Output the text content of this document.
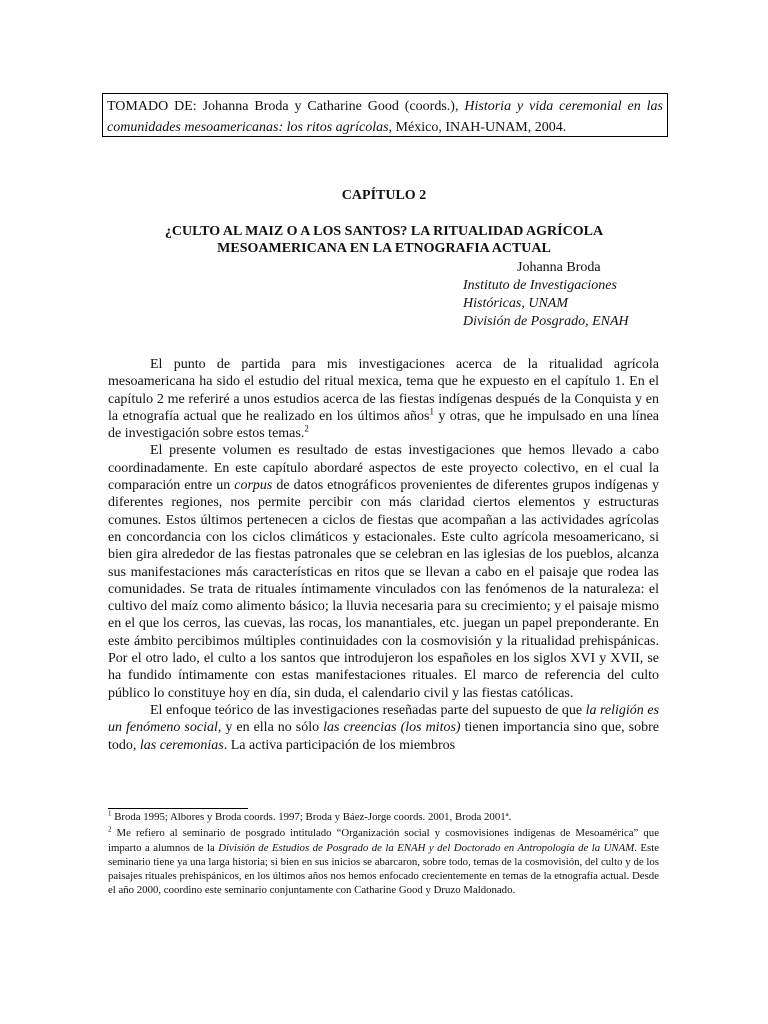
TOMADO DE: Johanna Broda y Catharine Good (coords.), Historia y vida ceremonial en las comunidades mesoamericanas: los ritos agrícolas, México, INAH-UNAM, 2004.
CAPÍTULO 2
¿CULTO AL MAIZ O A LOS SANTOS? LA RITUALIDAD AGRÍCOLA
MESOAMERICANA EN LA ETNOGRAFIA ACTUAL
Johanna Broda
Instituto de Investigaciones
Históricas, UNAM
División de Posgrado, ENAH

El punto de partida para mis investigaciones acerca de la ritualidad agrícola mesoamericana ha sido el estudio del ritual mexica, tema que he expuesto en el capítulo 1. En el capítulo 2 me referiré a unos estudios acerca de las fiestas indígenas después de la Conquista y en la etnografía actual que he realizado en los últimos años$^1$ y otras, que he impulsado en una línea de investigación sobre estos temas.$^2$

El presente volumen es resultado de estas investigaciones que hemos llevado a cabo coordinadamente. En este capítulo abordaré aspectos de este proyecto colectivo, en el cual la comparación entre un corpus de datos etnográficos provenientes de diferentes grupos indígenas y diferentes regiones, nos permite percibir con más claridad ciertos elementos y estructuras comunes. Estos últimos pertenecen a ciclos de fiestas que acompañan a las actividades agrícolas en concordancia con los ciclos climáticos y estacionales. Este culto agrícola mesoamericano, si bien gira alrededor de las fiestas patronales que se celebran en las iglesias de los pueblos, alcanza sus manifestaciones más características en ritos que se llevan a cabo en el paisaje que rodea las comunidades. Se trata de rituales íntimamente vinculados con las fenómenos de la naturaleza: el cultivo del maíz como alimento básico; la lluvia necesaria para su crecimiento; y el paisaje mismo en el que los cerros, las cuevas, las rocas, los manantiales, etc. juegan un papel preponderante. En este ámbito percibimos múltiples continuidades con la cosmovisión y la ritualidad prehispánicas. Por el otro lado, el culto a los santos que introdujeron los españoles en los siglos XVI y XVII, se ha fundido íntimamente con estas manifestaciones rituales. El marco de referencia del culto público lo constituye hoy en día, sin duda, el calendario civil y las fiestas católicas.

El enfoque teórico de las investigaciones reseñadas parte del supuesto de que la religión es un fenómeno social, y en ella no sólo las creencias (los mitos) tienen importancia sino que, sobre todo, las ceremonias. La activa participación de los miembros

$^1$ Broda 1995; Albores y Broda coords. 1997; Broda y Báez-Jorge coords. 2001, Broda 2001ª.

$^2$ Me refiero al seminario de posgrado intitulado “Organización social y cosmovisiones indígenas de Mesoamérica” que imparto a alumnos de la División de Estudios de Posgrado de la ENAH y del Doctorado en Antropología de la UNAM. Este seminario tiene ya una larga historia; si bien en sus inicios se abarcaron, sobre todo, temas de la cosmovisión, del culto y de los paisajes rituales prehispánicos, en los últimos años nos hemos enfocado crecientemente en temas de la etnografía actual. Desde el año 2000, coordino este seminario conjuntamente con Catharine Good y Druzo Maldonado.
